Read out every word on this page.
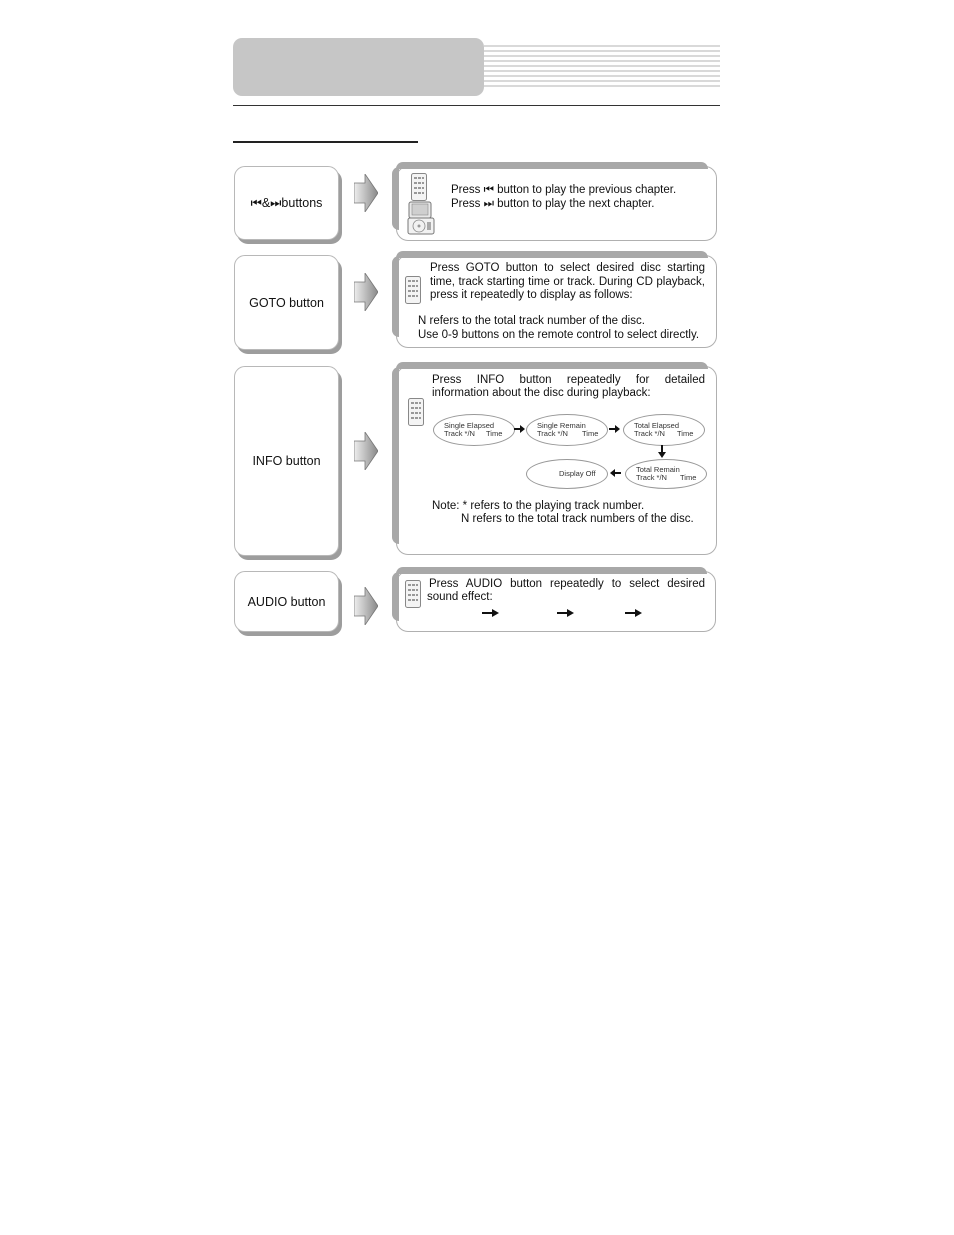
⏮&⏭buttons
Press ⏮ button to play the previous chapter.
Press ⏭ button to play the next chapter.
GOTO button
Press GOTO button to select desired disc starting
time, track starting time or track. During CD playback,
press it repeatedly to display as follows:
N refers to the total track number of the disc.
Use 0-9 buttons on the remote control to select directly.
INFO button
Press INFO button repeatedly for detailed
information about the disc during playback:
Single Elapsed
Track */N Time
Single Remain
Track */N Time
Total Elapsed
Track */N Time
Total Remain
Track */N Time
Display Off
Note: * refers to the playing track number.
N refers to the total track numbers of the disc.
AUDIO button
Press AUDIO button repeatedly to select desired
sound effect:
